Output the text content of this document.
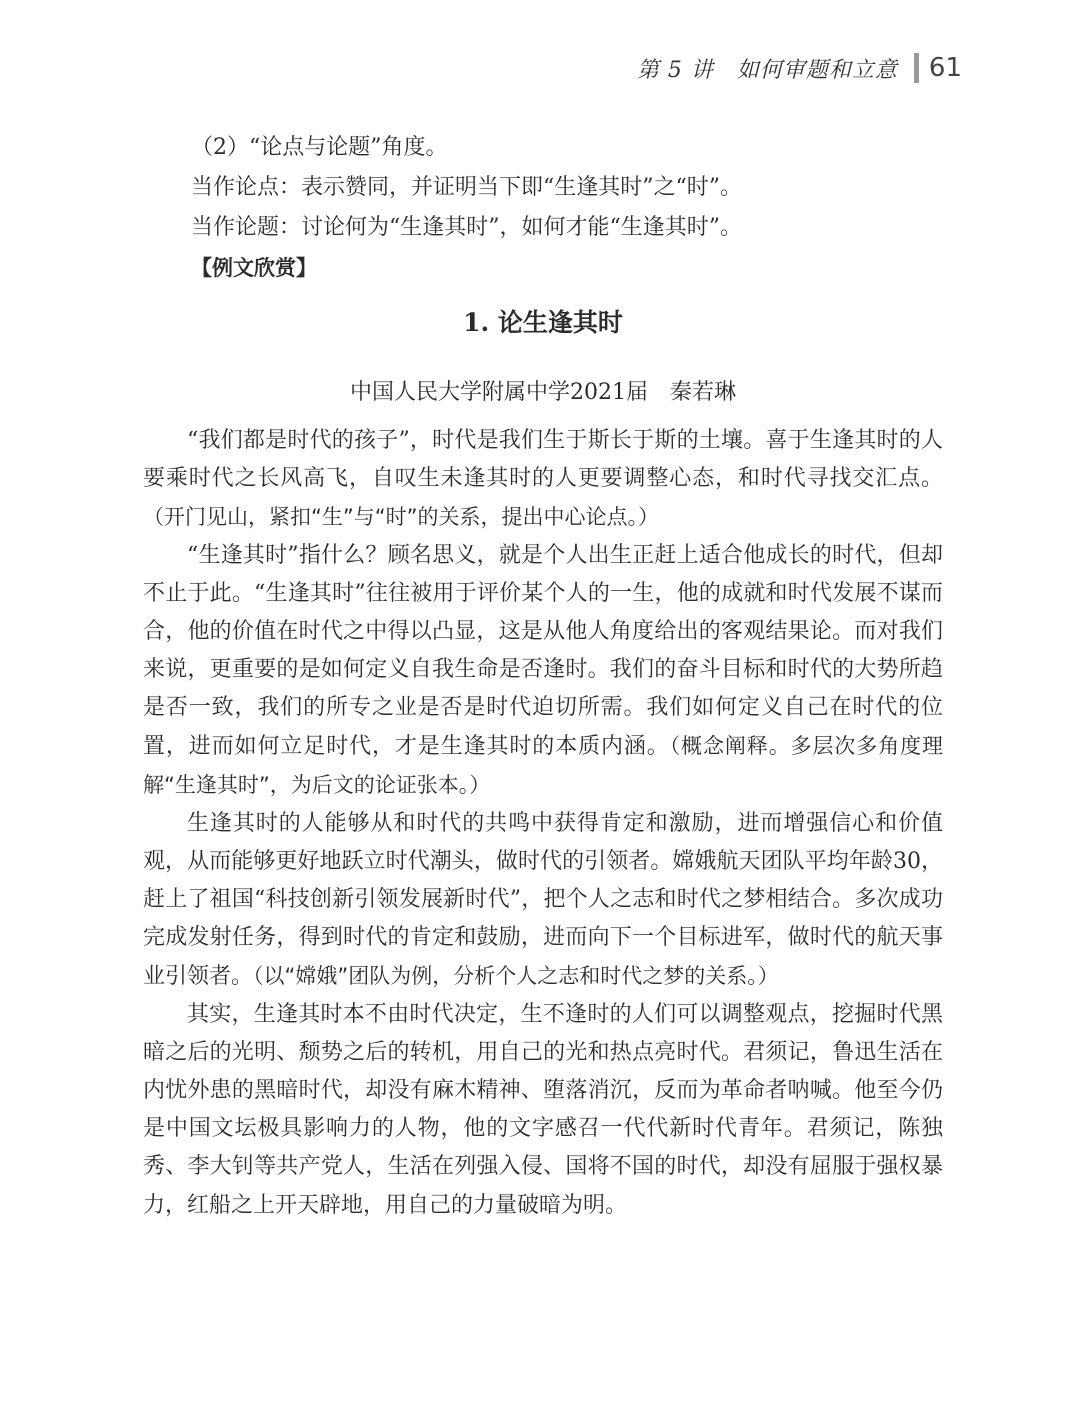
第 5 讲　如何审题和立意 61

（2）“论点与论题”角度。

当作论点：表示赞同，并证明当下即“生逢其时”之“时”。

当作论题：讨论何为“生逢其时”，如何才能“生逢其时”。

【例文欣赏】

1. 论生逢其时

中国人民大学附属中学2021届　秦若琳

“我们都是时代的孩子”，时代是我们生于斯长于斯的土壤。喜于生逢其时的人要乘时代之长风高飞，自叹生未逢其时的人更要调整心态，和时代寻找交汇点。（开门见山，紧扣“生”与“时”的关系，提出中心论点。）

“生逢其时”指什么？顾名思义，就是个人出生正赶上适合他成长的时代，但却不止于此。“生逢其时”往往被用于评价某个人的一生，他的成就和时代发展不谋而合，他的价值在时代之中得以凸显，这是从他人角度给出的客观结果论。而对我们来说，更重要的是如何定义自我生命是否逢时。我们的奋斗目标和时代的大势所趋是否一致，我们的所专之业是否是时代迫切所需。我们如何定义自己在时代的位置，进而如何立足时代，才是生逢其时的本质内涵。（概念阐释。多层次多角度理解“生逢其时”，为后文的论证张本。）

生逢其时的人能够从和时代的共鸣中获得肯定和激励，进而增强信心和价值观，从而能够更好地跃立时代潮头，做时代的引领者。嫦娥航天团队平均年龄30，赶上了祖国“科技创新引领发展新时代”，把个人之志和时代之梦相结合。多次成功完成发射任务，得到时代的肯定和鼓励，进而向下一个目标进军，做时代的航天事业引领者。（以“嫦娥”团队为例，分析个人之志和时代之梦的关系。）

其实，生逢其时本不由时代决定，生不逢时的人们可以调整观点，挖掘时代黑暗之后的光明、颓势之后的转机，用自己的光和热点亮时代。君须记，鲁迅生活在内忧外患的黑暗时代，却没有麻木精神、堕落消沉，反而为革命者呐喊。他至今仍是中国文坛极具影响力的人物，他的文字感召一代代新时代青年。君须记，陈独秀、李大钊等共产党人，生活在列强入侵、国将不国的时代，却没有屈服于强权暴力，红船之上开天辟地，用自己的力量破暗为明。
